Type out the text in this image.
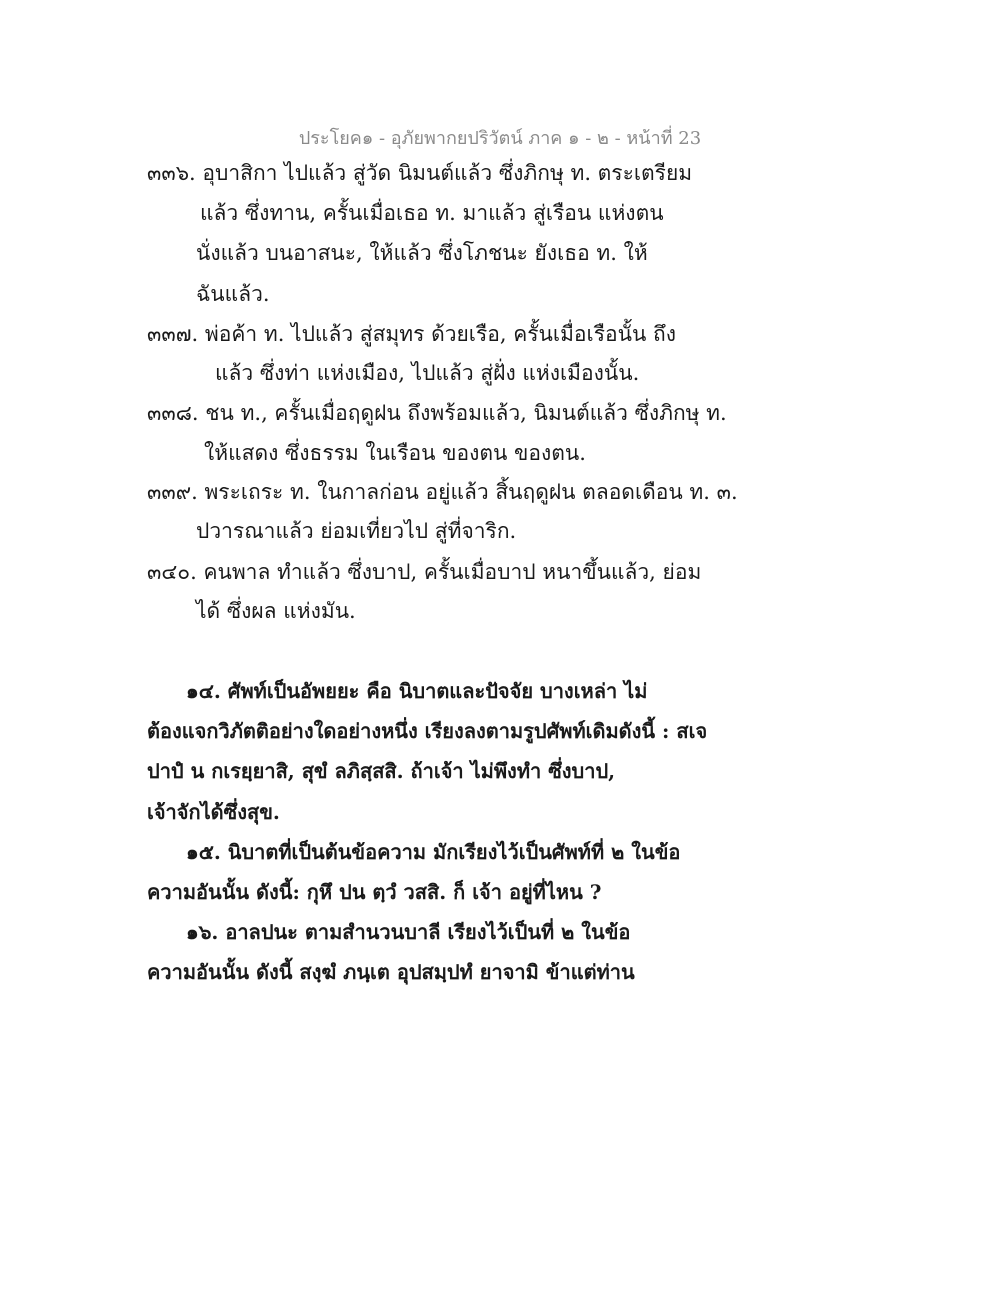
ประโยค๑ - อุภัยพากยปริวัตน์ ภาค ๑ - ๒ - หน้าที่ 23
๓๓๖. อุบาสิกา ไปแล้ว สู่วัด นิมนต์แล้ว ซึ่งภิกษุ ท. ตระเตรียม
แล้ว ซึ่งทาน, ครั้นเมื่อเธอ ท. มาแล้ว สู่เรือน แห่งตน
นั่งแล้ว บนอาสนะ, ให้แล้ว ซึ่งโภชนะ ยังเธอ ท. ให้
ฉันแล้ว.
๓๓๗. พ่อค้า ท. ไปแล้ว สู่สมุทร ด้วยเรือ, ครั้นเมื่อเรือนั้น ถึง
แล้ว ซึ่งท่า แห่งเมือง, ไปแล้ว สู่ฝั่ง แห่งเมืองนั้น.
๓๓๘. ชน ท., ครั้นเมื่อฤดูฝน ถึงพร้อมแล้ว, นิมนต์แล้ว ซึ่งภิกษุ ท.
ให้แสดง ซึ่งธรรม ในเรือน ของตน ของตน.
๓๓๙. พระเถระ ท. ในกาลก่อน อยู่แล้ว สิ้นฤดูฝน ตลอดเดือน ท. ๓.
ปวารณาแล้ว ย่อมเที่ยวไป สู่ที่จาริก.
๓๔๐. คนพาล ทำแล้ว ซึ่งบาป, ครั้นเมื่อบาป หนาขึ้นแล้ว, ย่อม
ได้ ซึ่งผล แห่งมัน.
๑๔. ศัพท์เป็นอัพยยะ คือ นิบาตและปัจจัย บางเหล่า ไม่
ต้องแจกวิภัตติอย่างใดอย่างหนึ่ง เรียงลงตามรูปศัพท์เดิมดังนี้ : สเจ
ปาปํ น กเรยฺยาสิ, สุขํ ลภิสฺสสิ. ถ้าเจ้า ไม่พึงทำ ซึ่งบาป,
เจ้าจักได้ซึ่งสุข.
๑๕. นิบาตที่เป็นต้นข้อความ มักเรียงไว้เป็นศัพท์ที่ ๒ ในข้อ
ความอันนั้น ดังนี้: กุหึ ปน ตฺวํ วสสิ. ก็ เจ้า อยู่ที่ไหน ?
๑๖. อาลปนะ ตามสำนวนบาลี เรียงไว้เป็นที่ ๒ ในข้อ
ความอันนั้น ดังนี้ สงฺฆํ ภนฺเต อุปสมฺปทํ ยาจามิ ข้าแต่ท่าน
